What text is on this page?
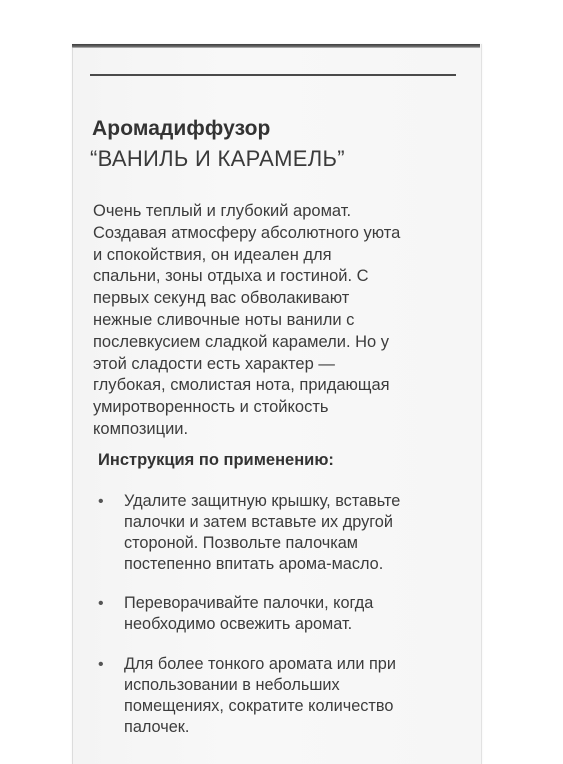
Аромадиффузор
“ВАНИЛЬ И КАРАМЕЛЬ”
Очень теплый и глубокий аромат.
Создавая атмосферу абсолютного уюта
и спокойствия, он идеален для
спальни, зоны отдыха и гостиной. С
первых секунд вас обволакивают
нежные сливочные ноты ванили с
послевкусием сладкой карамели. Но у
этой сладости есть характер —
глубокая, смолистая нота, придающая
умиротворенность и стойкость
композиции.
Инструкция по применению:
• Удалите защитную крышку, вставьте
палочки и затем вставьте их другой
стороной. Позвольте палочкам
постепенно впитать арома-масло.
• Переворачивайте палочки, когда
необходимо освежить аромат.
• Для более тонкого аромата или при
использовании в небольших
помещениях, сократите количество
палочек.
